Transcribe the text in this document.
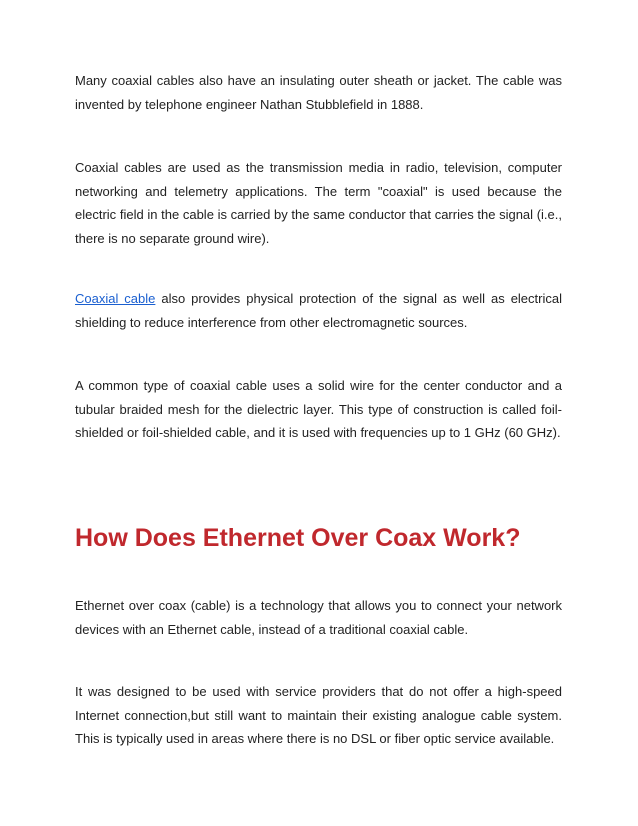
Many coaxial cables also have an insulating outer sheath or jacket. The cable was invented by telephone engineer Nathan Stubblefield in 1888.

Coaxial cables are used as the transmission media in radio, television, computer networking and telemetry applications. The term "coaxial" is used because the electric field in the cable is carried by the same conductor that carries the signal (i.e., there is no separate ground wire).

Coaxial cable also provides physical protection of the signal as well as electrical shielding to reduce interference from other electromagnetic sources.

A common type of coaxial cable uses a solid wire for the center conductor and a tubular braided mesh for the dielectric layer. This type of construction is called foil-shielded or foil-shielded cable, and it is used with frequencies up to 1 GHz (60 GHz).

How Does Ethernet Over Coax Work?

Ethernet over coax (cable) is a technology that allows you to connect your network devices with an Ethernet cable, instead of a traditional coaxial cable.

It was designed to be used with service providers that do not offer a high-speed Internet connection,but still want to maintain their existing analogue cable system. This is typically used in areas where there is no DSL or fiber optic service available.
